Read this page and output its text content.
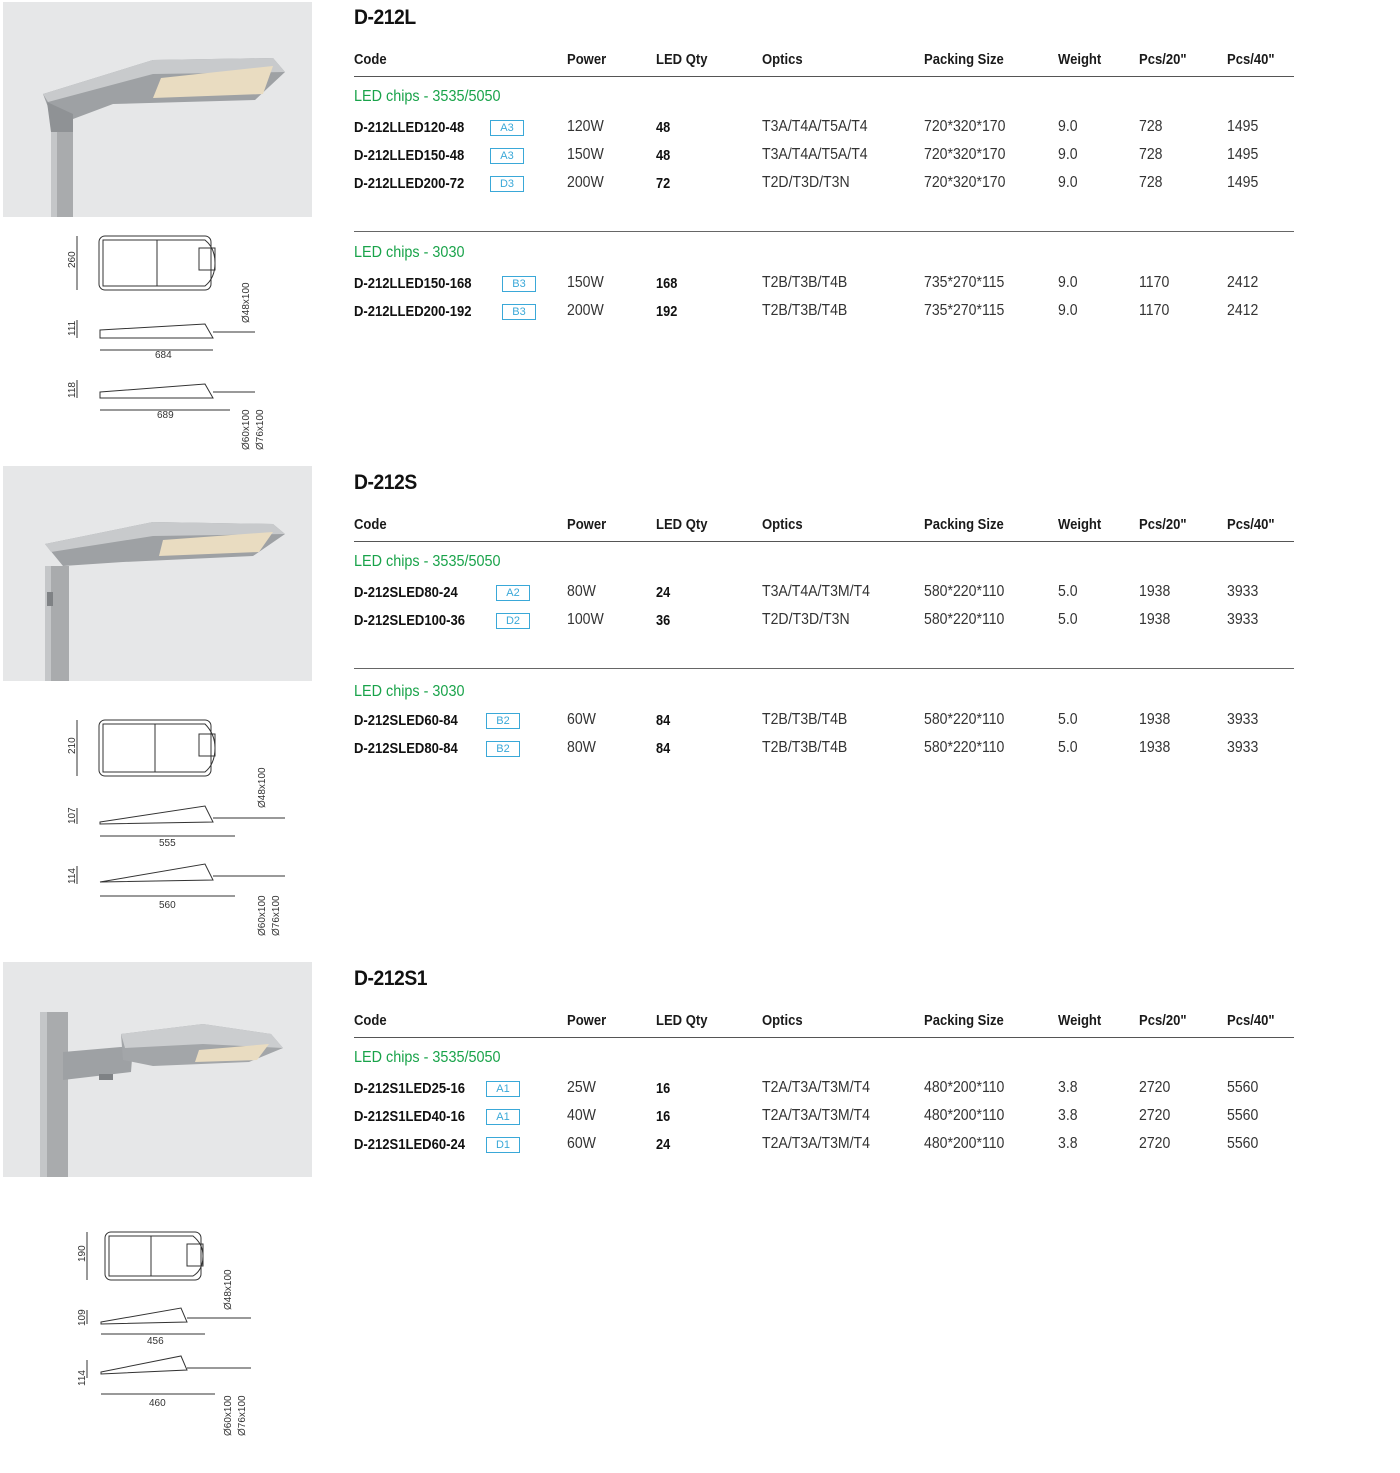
260
111
684
118
689
Ø48x100
Ø60x100 Ø76x100
210
107
555
114
560
Ø48x100
Ø60x100 Ø76x100
190
109
456
114
460
Ø48x100
Ø60x100 Ø76x100
D-212L
Code	Power	LED Qty	Optics	Packing Size	Weight	Pcs/20"	Pcs/40"
LED chips - 3535/5050
D-212LLED120-48	A3	120W	48	T3A/T4A/T5A/T4	720*320*170	9.0	728	1495
D-212LLED150-48	A3	150W	48	T3A/T4A/T5A/T4	720*320*170	9.0	728	1495
D-212LLED200-72	D3	200W	72	T2D/T3D/T3N	720*320*170	9.0	728	1495
LED chips - 3030
D-212LLED150-168	B3	150W	168	T2B/T3B/T4B	735*270*115	9.0	1170	2412
D-212LLED200-192	B3	200W	192	T2B/T3B/T4B	735*270*115	9.0	1170	2412
D-212S
Code	Power	LED Qty	Optics	Packing Size	Weight	Pcs/20"	Pcs/40"
LED chips - 3535/5050
D-212SLED80-24	A2	80W	24	T3A/T4A/T3M/T4	580*220*110	5.0	1938	3933
D-212SLED100-36	D2	100W	36	T2D/T3D/T3N	580*220*110	5.0	1938	3933
LED chips - 3030
D-212SLED60-84	B2	60W	84	T2B/T3B/T4B	580*220*110	5.0	1938	3933
D-212SLED80-84	B2	80W	84	T2B/T3B/T4B	580*220*110	5.0	1938	3933
D-212S1
Code	Power	LED Qty	Optics	Packing Size	Weight	Pcs/20"	Pcs/40"
LED chips - 3535/5050
D-212S1LED25-16	A1	25W	16	T2A/T3A/T3M/T4	480*200*110	3.8	2720	5560
D-212S1LED40-16	A1	40W	16	T2A/T3A/T3M/T4	480*200*110	3.8	2720	5560
D-212S1LED60-24	D1	60W	24	T2A/T3A/T3M/T4	480*200*110	3.8	2720	5560
